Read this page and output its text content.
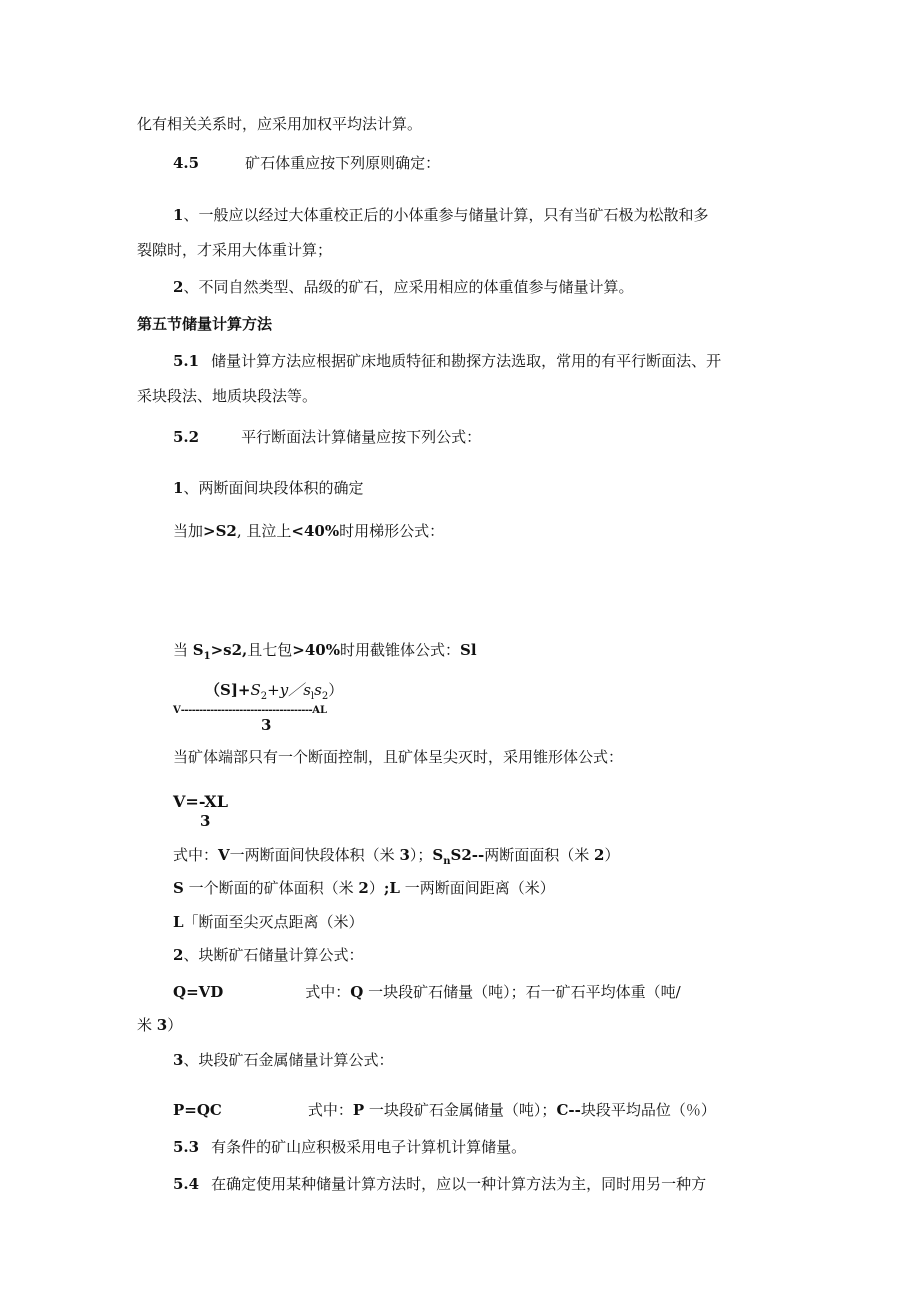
化有相关关系时，应采用加权平均法计算。
4.5	矿石体重应按下列原则确定：
1、一般应以经过大体重校正后的小体重参与储量计算，只有当矿石极为松散和多
裂隙时，才采用大体重计算；
2、不同自然类型、品级的矿石，应采用相应的体重值参与储量计算。
第五节储量计算方法
5.1 储量计算方法应根据矿床地质特征和勘探方法选取，常用的有平行断面法、开
采块段法、地质块段法等。
5.2	平行断面法计算储量应按下列公式：
1、两断面间块段体积的确定
当加>S2, 且泣上<40%时用梯形公式：
当 $S_1>s2$,且七包>40%时用截锥体公式：Sl
$(S]+S_2+y/s_ls_2$）
V------------------------------------AL
3
当矿体端部只有一个断面控制，且矿体呈尖灭时，采用锥形体公式：
V=-XL
3
式中：V一两断面间快段体积（米 3）；$S_nS2--$两断面面积（米 2）
S 一个断面的矿体面积（米 2）;L 一两断面间距离（米）
L「断面至尖灭点距离（米）
2、块断矿石储量计算公式：
Q=VD	式中：Q 一块段矿石储量（吨）；石一矿石平均体重（吨/
米 3）
3、块段矿石金属储量计算公式：
P=QC	式中：P 一块段矿石金属储量（吨）；C--块段平均品位（％）
5.3 有条件的矿山应积极采用电子计算机计算储量。
5.4 在确定使用某种储量计算方法时，应以一种计算方法为主，同时用另一种方
